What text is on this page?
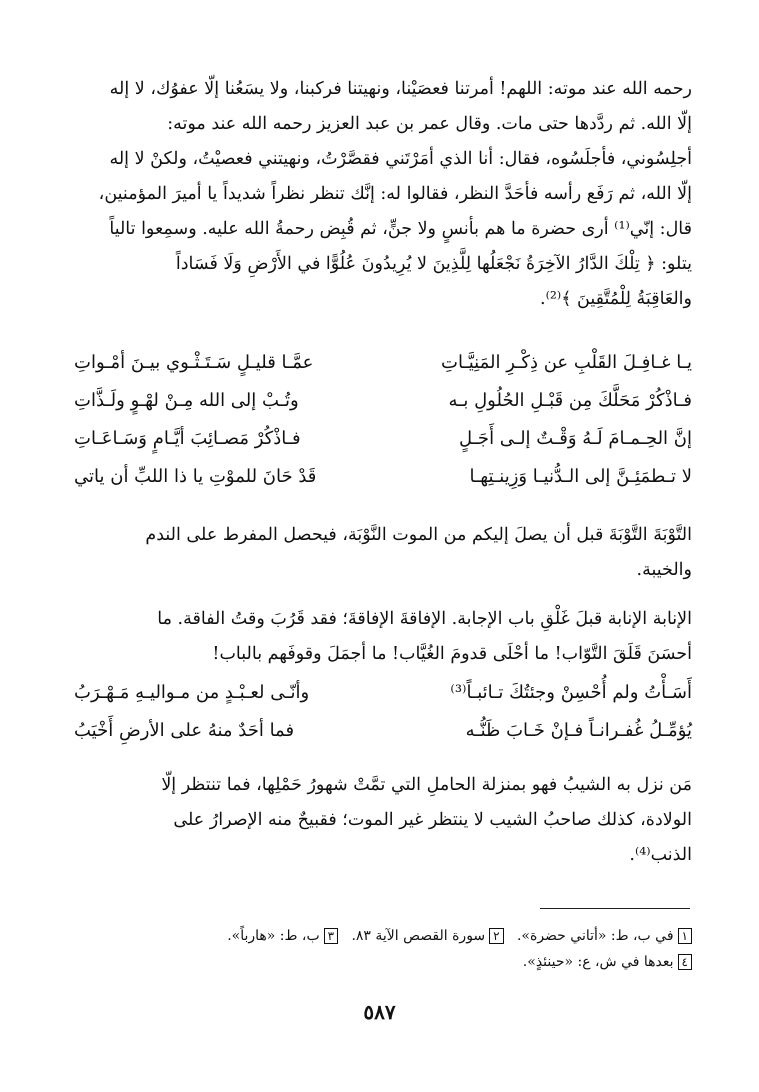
رحمه الله عند موته: اللهم! أمرتنا فعصَيْنا، ونهيتنا فركبنا، ولا يسَعُنا إلّا عفوُك، لا إله
إلّا الله. ثم ردَّدها حتى مات. وقال عمر بن عبد العزيز رحمه الله عند موته:
أجلِسُوني، فأجلَسُوه، فقال: أنا الذي أمَرْتَني فقصَّرْتُ، ونهيتني فعصيْتُ، ولكنْ لا إله
إلّا الله، ثم رَفَع رأسه فأحَدَّ النظر، فقالوا له: إنَّك تنظر نظراً شديداً يا أميرَ المؤمنين،
قال: إنّي⁽¹⁾ أرى حضرة ما هم بأنسٍ ولا جنٍّ، ثم قُبِض رحمةُ الله عليه. وسمِعوا تالياً
يتلو: ﴿ تِلْكَ الدَّارُ الآخِرَةُ نَجْعَلُها لِلَّذِينَ لا يُرِيدُونَ عُلُوًّا في الأَرْضِ وَلَا فَسَاداً
والعَاقِبَةُ لِلْمُتَّقِينَ ﴾⁽²⁾.
يـا غـافِـلَ القَلْبِ عن ذِكْـرِ المَنِيَّـاتِ
عمَّـا قليـلٍ سَـتَـثْـوي بيـنَ أمْـواتِ
فـاذْكُرْ مَحَلَّكَ مِن قَبْـلِ الحُلُولِ بـه
وتُـبْ إلى الله مِـنْ لهْـوٍ ولَـذَّاتِ
إنَّ الحِـمـامَ لَـهُ وَقْـتٌ إلـى أَجَـلٍ
فـاذْكُرْ مَصـائِبَ أيَّـامٍ وَسَـاعَـاتِ
لا تـطمَئِـنَّ إلى الـدُّنيـا وَزِينـتِهـا
قَدْ حَانَ للموْتِ يا ذا اللبِّ أن ياتي
التَّوْبَةَ التَّوْبَةَ قبل أن يصلَ إليكم من الموت النَّوْبَة، فيحصل المفرط على الندم
والخيبة.
الإنابة الإنابة قبلَ غَلْقِ باب الإجابة. الإفاقةَ الإفاقةَ؛ فقد قَرُبَ وقتُ الفاقة. ما
أحسَنَ قَلَقَ التَّوّاب! ما أحْلَى قدومَ الغُيَّاب! ما أجمَلَ وقوفَهم بالباب!
أَسَـأْتُ ولم أُحْسِنْ وجئتُكَ تـائبـاً⁽³⁾
وأنّـى لعـبْـدٍ من مـواليـهِ مَـهْـرَبُ
يُؤمِّـلُ غُفـرانـاً فـإنْ خَـابَ ظَنُّـه
فما أحَدٌ منهُ على الأرضِ أَخْيَبُ
مَن نزل به الشيبُ فهو بمنزلة الحاملِ التي تمَّتْ شهورُ حَمْلِها، فما تنتظر إلّا
الولادة، كذلك صاحبُ الشيب لا ينتظر غير الموت؛ فقبيحٌ منه الإصرارُ على
الذنب⁽⁴⁾.
١في ب، ط: «أتاني حضرة».   ٢سورة القصص الآية ٨٣.   ٣ب، ط: «هارباً».
٤بعدها في ش، ع: «حينئذٍ».
٥٨٧
